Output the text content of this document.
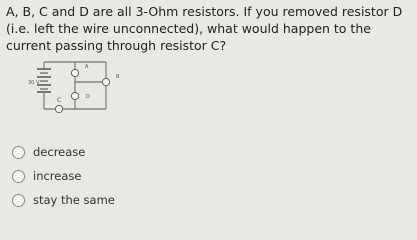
A, B, C and D are all 3-Ohm resistors. If you removed resistor D (i.e. left the wire unconnected), what would happen to the current passing through resistor C?
30 V
A
B
D
C
decrease
increase
stay the same
